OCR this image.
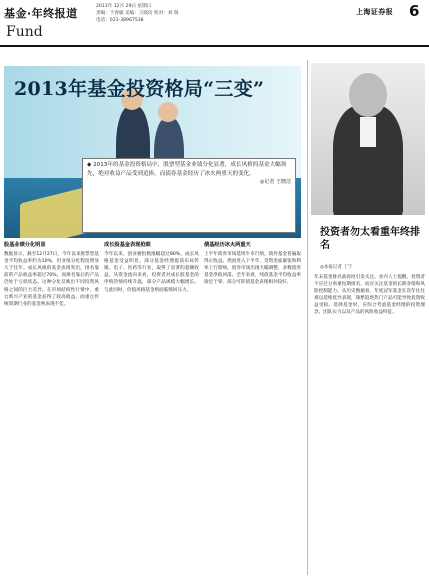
基金·年终报道
Fund
2013年 12月 29日 星期日
责编：于春敏 美编：王晓洁 校对：刘 瑞
电话：021-38967538
上海证券报 6
2013年基金投资格局“三变”
◆ 2013年的基金投资格局中，股票型基金业绩分化显著，成长风格的基金大幅领先，绝对收益产品受到追捧，而债券基金经历了冰火两重天的变化。
◎记者 王晓洁
投资者勿太看重年终排名
◎本报记者 丁宁
股基业绩分化明显
数据显示，截至12月27日，今年以来股票型基金平均收益率约为10%，但业绩分化程度明显大于往年。成长风格的基金表现突出，排名靠前的产品收益率超过70%，而排名靠后的产品仍处于亏损状态。这种分化反映出不同投资风格之间的巨大差异。在市场结构性行情中，重仓新兴产业的基金获得了较高收益，而重仓传统周期行业的基金则表现不佳。
成长股基金表现抢眼
今年以来，创业板指数涨幅超过80%，成长风格基金受益明显。部分基金经理提前布局传媒、电子、医药等行业，取得了显著的超额收益。从资金流向来看，投资者对成长股基金的申购热情持续升温，部分产品规模大幅增长。与此同时，价值风格基金则面临赎回压力。
债基经历冰火两重天
上半年债券市场延续牛市行情，债券基金普遍取得正收益。然而进入下半年，受资金面紧张和利率上行影响，债券市场出现大幅调整，多数债券基金净值回落。全年来看，纯债基金平均收益率接近于零，部分可转债基金表现相对较好。
年末基金排名战再度引发关注。业内人士提醒，投资者不应过分看重短期排名，而应关注基金的长期业绩和风险控制能力。从历史数据看，年度冠军基金在次年往往难以延续优异表现，频繁追逐热门产品可能导致投资收益受损。选择基金时，应综合考虑基金经理的投资理念、团队实力以及产品的风险收益特征。
